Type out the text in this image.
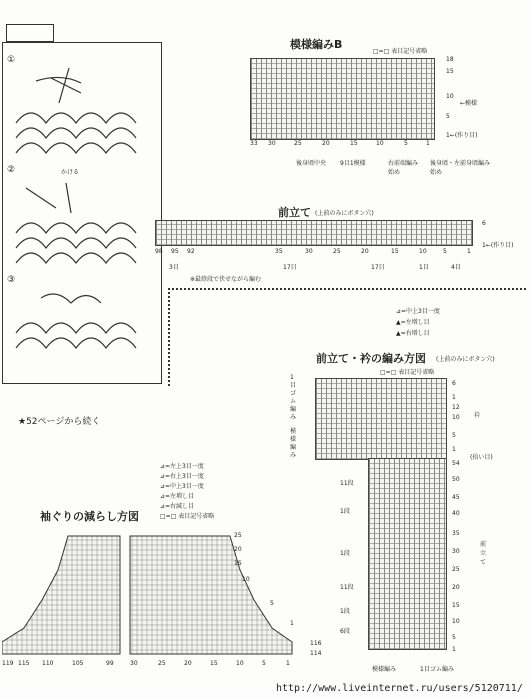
①
②
③
かける
模様編みB
□=□ 表目記号省略
18
15
10
5
←模様
1←(作り目)
33 30	25	20	15	10	5	1
後身頃中央 9目1模様	右前端編み始め
後身頃・左前身頃編み始め
前立て (上前のみにボタン穴)
6
1←(作り目)
98 95 92	35	30	25	20	15	10	5	1
3目	17目	17目	1目	4目
※最終段で伏せながら編む
⊿=中上3目一度
▲=左増し目
▲=右増し目
前立て・衿の編み方図 (上前のみにボタン穴)
□=□ 表目記号省略
1目ゴム編み
模様編み
6
1
12
10
5
1
54
50
45
40
35
30
25
20
15
10
5
1
衿
(拾い目)
前立て
11段
1段
1段
11段
1段
6段
模様編み	1目ゴム編み
★52ページから続く
⊿=左上3目一度
⊿=右上3目一度
⊿=中上3目一度
⊿=左増し目
⊿=右減し目
□=□ 表目記号省略
袖ぐりの減らし方図
25
20
15
10
5
1
116
114
119 115 110	105	99	30	25	20	15	10	5	1
http://www.liveinternet.ru/users/5120711/
